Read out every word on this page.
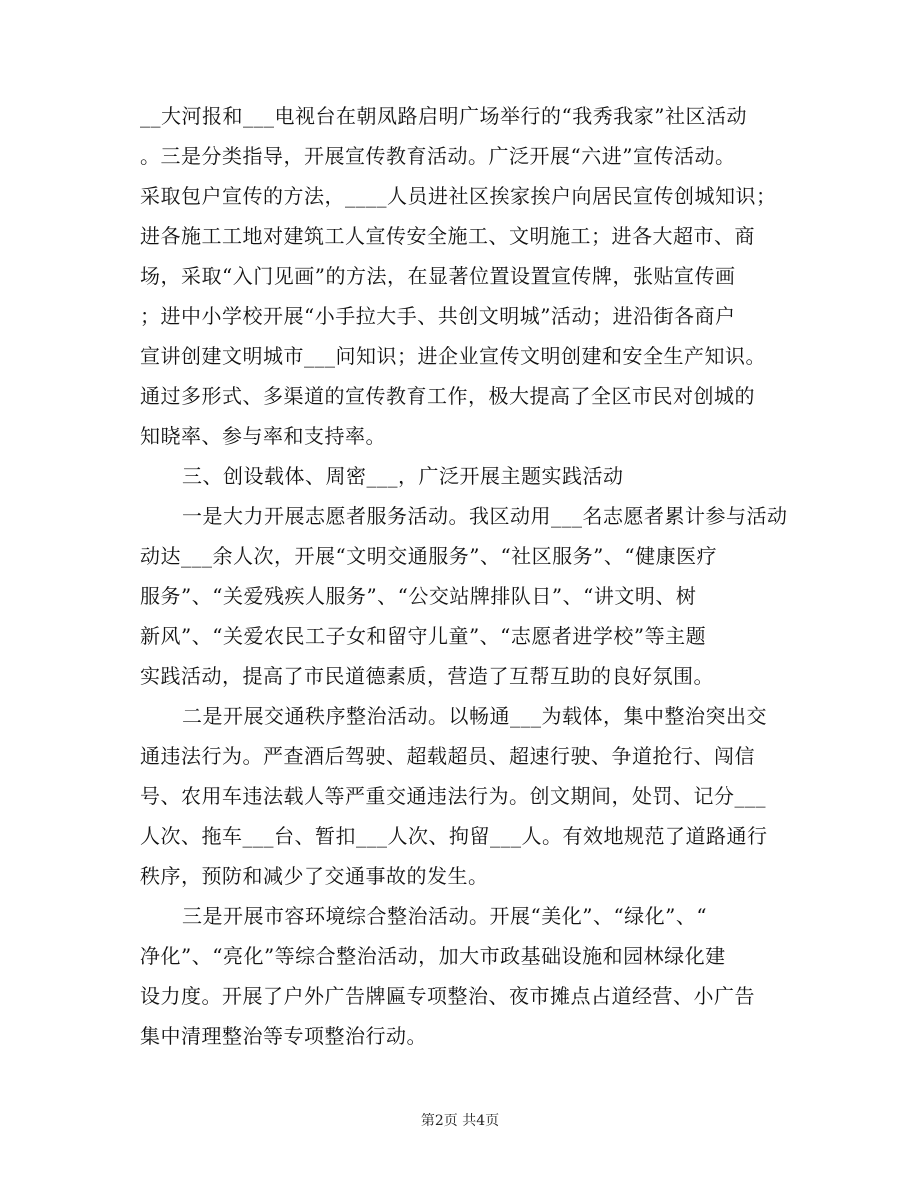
__大河报和___电视台在朝凤路启明广场举行的“我秀我家”社区活动
。三是分类指导，开展宣传教育活动。广泛开展“六进”宣传活动。
采取包户宣传的方法，____人员进社区挨家挨户向居民宣传创城知识；
进各施工工地对建筑工人宣传安全施工、文明施工；进各大超市、商
场，采取“入门见画”的方法，在显著位置设置宣传牌，张贴宣传画
；进中小学校开展“小手拉大手、共创文明城”活动；进沿街各商户
宣讲创建文明城市___问知识；进企业宣传文明创建和安全生产知识。
通过多形式、多渠道的宣传教育工作，极大提高了全区市民对创城的
知晓率、参与率和支持率。
三、创设载体、周密___，广泛开展主题实践活动
一是大力开展志愿者服务活动。我区动用___名志愿者累计参与活动
动达___余人次，开展“文明交通服务”、“社区服务”、“健康医疗
服务”、“关爱残疾人服务”、“公交站牌排队日”、“讲文明、树
新风”、“关爱农民工子女和留守儿童”、“志愿者进学校”等主题
实践活动，提高了市民道德素质，营造了互帮互助的良好氛围。
二是开展交通秩序整治活动。以畅通___为载体，集中整治突出交
通违法行为。严查酒后驾驶、超载超员、超速行驶、争道抢行、闯信
号、农用车违法载人等严重交通违法行为。创文期间，处罚、记分___
人次、拖车___台、暂扣___人次、拘留___人。有效地规范了道路通行
秩序，预防和减少了交通事故的发生。
三是开展市容环境综合整治活动。开展“美化”、“绿化”、“
净化”、“亮化”等综合整治活动，加大市政基础设施和园林绿化建
设力度。开展了户外广告牌匾专项整治、夜市摊点占道经营、小广告
集中清理整治等专项整治行动。
第2页 共4页
